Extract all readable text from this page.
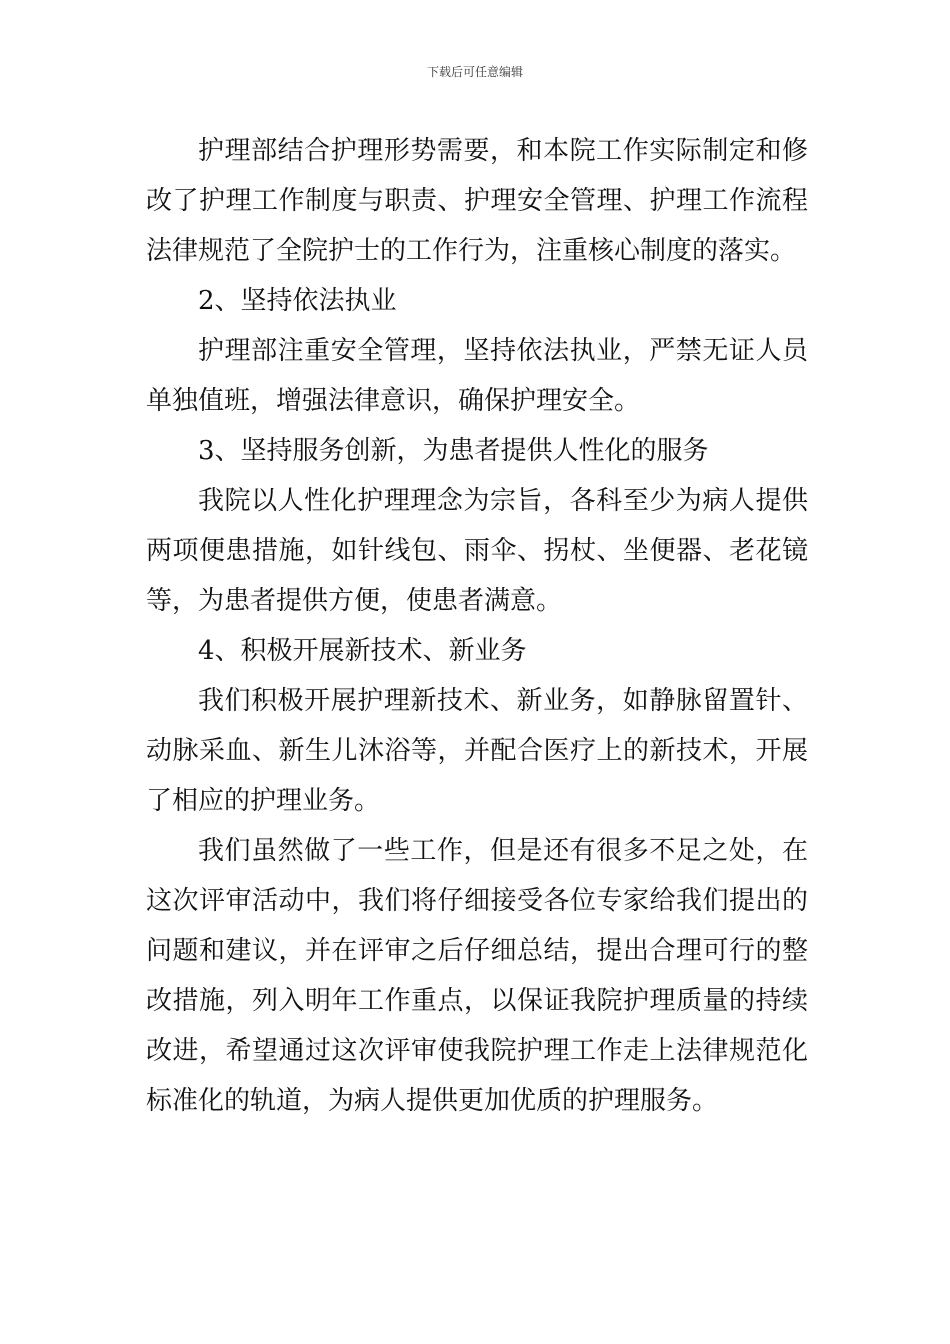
下载后可任意编辑

护理部结合护理形势需要，和本院工作实际制定和修改了护理工作制度与职责、护理安全管理、护理工作流程法律规范了全院护士的工作行为，注重核心制度的落实。

2、坚持依法执业

护理部注重安全管理，坚持依法执业，严禁无证人员单独值班，增强法律意识，确保护理安全。

3、坚持服务创新，为患者提供人性化的服务

我院以人性化护理理念为宗旨，各科至少为病人提供两项便患措施，如针线包、雨伞、拐杖、坐便器、老花镜等，为患者提供方便，使患者满意。

4、积极开展新技术、新业务

我们积极开展护理新技术、新业务，如静脉留置针、动脉采血、新生儿沐浴等，并配合医疗上的新技术，开展了相应的护理业务。

我们虽然做了一些工作，但是还有很多不足之处，在这次评审活动中，我们将仔细接受各位专家给我们提出的问题和建议，并在评审之后仔细总结，提出合理可行的整改措施，列入明年工作重点，以保证我院护理质量的持续改进，希望通过这次评审使我院护理工作走上法律规范化标准化的轨道，为病人提供更加优质的护理服务。
